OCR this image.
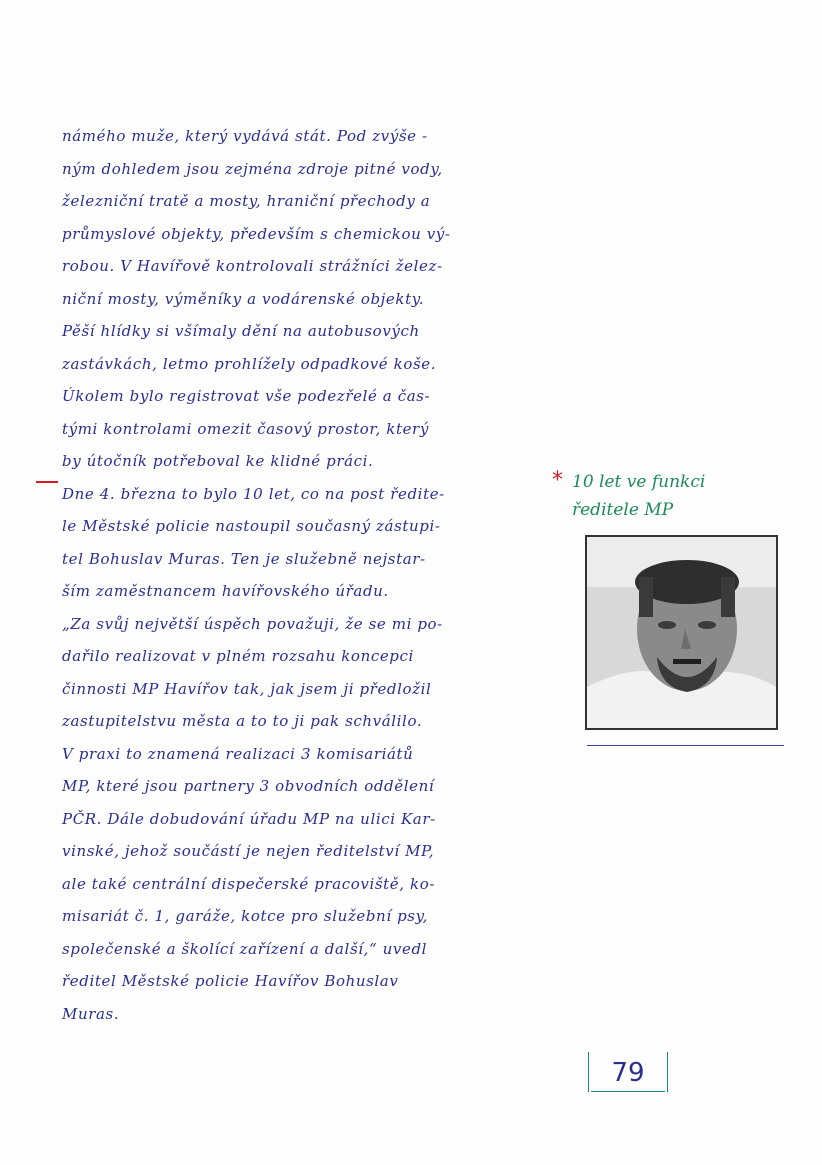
námého muže, který vydává stát. Pod zvýše -
ným dohledem jsou zejména zdroje pitné vody,
železniční tratě a mosty, hraniční přechody a
průmyslové objekty, především s chemickou vý-
robou. V Havířově kontrolovali strážníci želez-
niční mosty, výměníky a vodárenské objekty.
Pěší hlídky si všímaly dění na autobusových
zastávkách, letmo prohlížely odpadkové koše.
Úkolem bylo registrovat vše podezřelé a čas-
tými kontrolami omezit časový prostor, který
by útočník potřeboval ke klidné práci.
Dne 4. března to bylo 10 let, co na post ředite-
le Městské policie nastoupil současný zástupi-
tel Bohuslav Muras. Ten je služebně nejstar-
ším zaměstnancem havířovského úřadu.
„Za svůj největší úspěch považuji, že se mi po-
dařilo realizovat v plném rozsahu koncepci
činnosti MP Havířov tak, jak jsem ji předložil
zastupitelstvu města a to to ji pak schválilo.
V praxi to znamená realizaci 3 komisariátů
MP, které jsou partnery 3 obvodních oddělení
PČR. Dále dobudování úřadu MP na ulici Kar-
vinské, jehož součástí je nejen ředitelství MP,
ale také centrální dispečerské pracoviště, ko-
misariát č. 1, garáže, kotce pro služební psy,
společenské a školící zařízení a další,“ uvedl
ředitel Městské policie Havířov Bohuslav
Muras.
* 10 let ve funkci
ředitele MP
79
